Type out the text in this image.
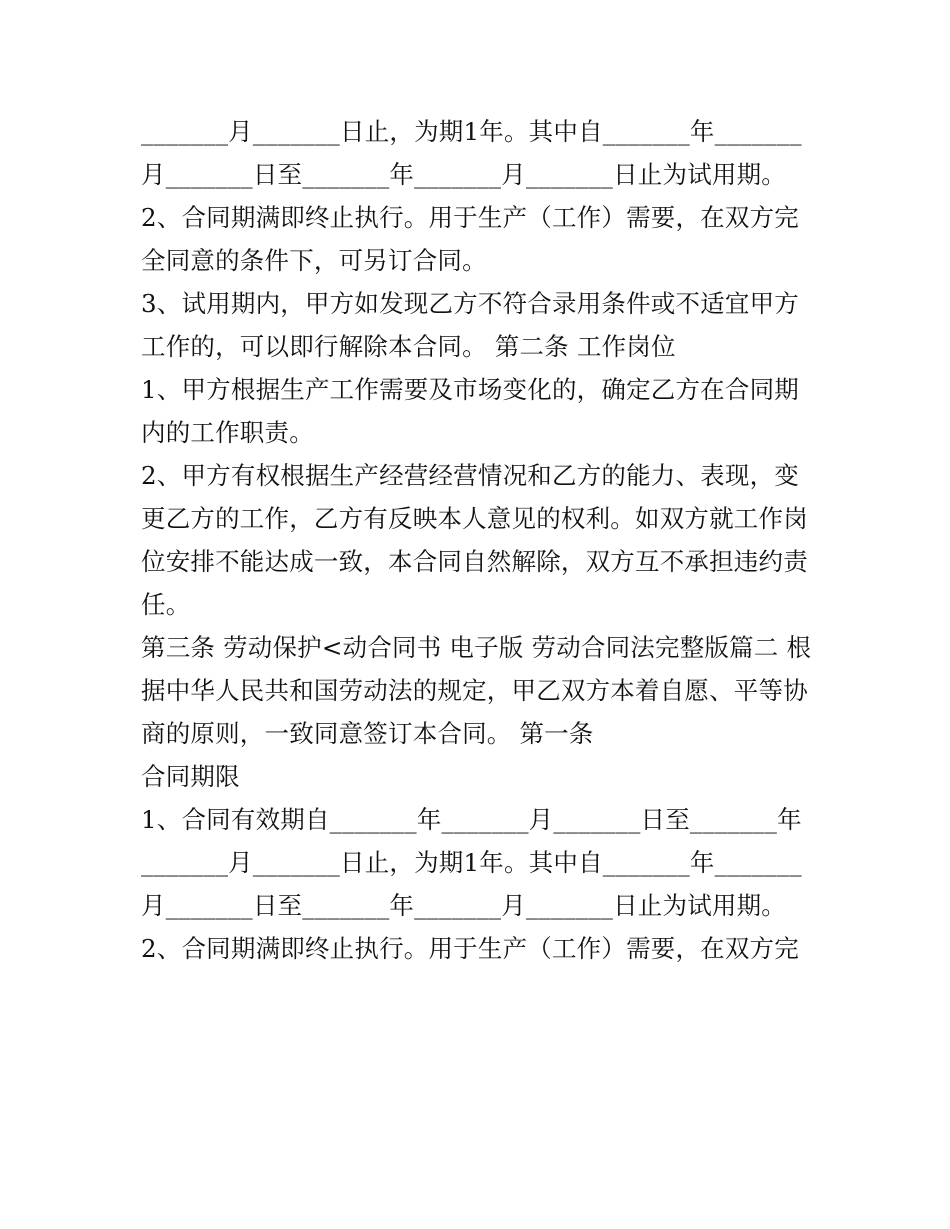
_______月_______日止，为期1年。其中自_______年_______
月_______日至_______年_______月_______日止为试用期。
2、合同期满即终止执行。用于生产（工作）需要，在双方完
全同意的条件下，可另订合同。
3、试用期内，甲方如发现乙方不符合录用条件或不适宜甲方
工作的，可以即行解除本合同。 第二条 工作岗位
1、甲方根据生产工作需要及市场变化的，确定乙方在合同期
内的工作职责。
2、甲方有权根据生产经营经营情况和乙方的能力、表现，变
更乙方的工作，乙方有反映本人意见的权利。如双方就工作岗
位安排不能达成一致，本合同自然解除，双方互不承担违约责
任。
第三条 劳动保护<动合同书 电子版 劳动合同法完整版篇二 根
据中华人民共和国劳动法的规定，甲乙双方本着自愿、平等协
商的原则，一致同意签订本合同。 第一条
合同期限
1、合同有效期自_______年_______月_______日至_______年
_______月_______日止，为期1年。其中自_______年_______
月_______日至_______年_______月_______日止为试用期。
2、合同期满即终止执行。用于生产（工作）需要，在双方完
